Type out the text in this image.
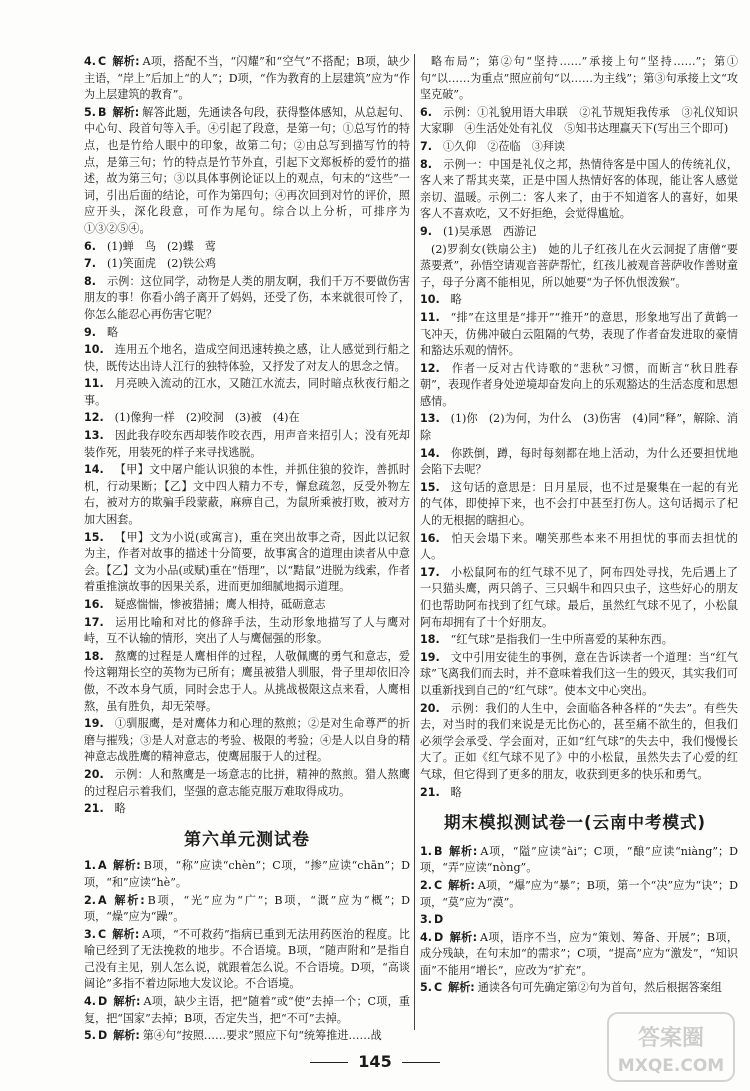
4. C 解析: A项，搭配不当，“闪耀”和“空气”不搭配；B项，缺少主语，“岸上”后加上“的人”；D项，“作为教育的上层建筑”应为“作为上层建筑的教育”。
5. B 解析: 解答此题，先通读各句段，获得整体感知，从总起句、中心句、段首句等入手。④引起了段意，是第一句；①总写竹的特点，也是竹给人眼中的印象，故第二句；②由总写到描写竹的特点，是第三句；竹的特点是竹节外直，引起下文郑板桥的爱竹的描述，故为第三句；③以具体事例论证以上的观点，句末的“这些”一词，引出后面的结论，可作为第四句；④再次回到对竹的评价，照应开头，深化段意，可作为尾句。综合以上分析，可排序为①③②⑤④。
6. (1)蝉　鸟　(2)蝶　莺
7. (1)笑面虎　(2)铁公鸡
8. 示例：这位同学，动物是人类的朋友啊，我们千万不要做伤害朋友的事！你看小鸽子离开了妈妈，还受了伤，本来就很可怜了，你怎么能忍心再伤害它呢？
9. 略
10. 连用五个地名，造成空间迅速转换之感，让人感觉到行船之快，既传达出诗人江行的独特体验，又抒发了对友人的思念之情。
11. 月亮映入流动的江水，又随江水流去，同时暗点秋夜行船之事。
12. (1)像狗一样　(2)咬洞　(3)被　(4)在
13. 因此我存咬东西却装作咬衣西，用声音来招引人；没有死却装作死，用装死的样子来寻找逃脱。
14. 【甲】文中屠户能认识狼的本性，并抓住狼的狡诈，善抓时机，行动果断；【乙】文中四人精力不专，懈怠疏忽，反受外物左右，被对方的欺骗手段蒙蔽，麻痹自己，为鼠所乘被打败，被对方加大困套。
15. 【甲】文为小说(或寓言)，重在突出故事之奇，因此以记叙为主，作者对故事的描述十分简要，故事寓含的道理由读者从中意会。【乙】文为小品(或赋)重在“悟理”，以“黠鼠”进脱为线索，作者着重推演故事的因果关系，进而更加细腻地揭示道理。
16. 疑惑惴惴，惨被猎捕；鹰人相持，砥砺意志
17. 运用比喻和对比的修辞手法，生动形象地描写了人与鹰对峙，互不认输的情形，突出了人与鹰倔强的形象。
18. 熬鹰的过程是人鹰相伴的过程，人敬佩鹰的勇气和意志，爱怜这翱翔长空的英物为已所有；鹰虽被猎人驯服，骨子里却依旧冷傲，不改本身气质，同时会忠于人。从挑战极限这点来看，人鹰相熬，虽有胜负，却无荣辱。
19. ①驯服鹰，是对鹰体力和心理的熬煎；②是对生命尊严的折磨与摧残；③是人对意志的考验、极限的考验；④是人以自身的精神意志战胜鹰的精神意志，使鹰屈服于人的过程。
20. 示例：人和熬鹰是一场意志的比拼，精神的熬煎。猎人熬鹰的过程启示着我们，坚强的意志能克服万难取得成功。
21. 略
第六单元测试卷
1. A 解析: B项，“称”应读“chèn”；C项，“掺”应读“chān”；D项，“和”应读“hè”。
2. A 解析: B项，“光”应为“广”；B项，“溉”应为“概”；D项，“燥”应为“躁”。
3. C 解析: A项，“不可救药”指病已重到无法用药医治的程度。比喻已经到了无法挽救的地步。不合语境。B项，“随声附和”是指自己没有主见，别人怎么说，就跟着怎么说。不合语境。D项，“高谈阔论”多指不着边际地大发议论。不合语境。
4. D 解析: A项，缺少主语，把“随着”或“使”去掉一个；C项，重复，把“国家”去掉；B项，否定失当，把“不可”去掉。
5. D 解析: 第④句“按照……要求”照应下句“统筹推进……战
略布局”；第②句“坚持……”承接上句“坚持……”；第①句“以……为重点”照应前句“以……为主线”；第③句承接上文“攻坚克破”。
6. 示例：①礼貌用语大串联　②礼节规矩我传承　③礼仪知识大家聊　④生活处处有礼仪　⑤知书达理赢天下(写出三个即可)
7. ①久仰　②莅临　③拜读
8. 示例一：中国是礼仪之邦，热情待客是中国人的传统礼仪，客人来了帮其夹菜，正是中国人热情好客的体现，能让客人感觉亲切、温暖。示例二：客人来了，由于不知道客人的喜好，如果客人不喜欢吃，又不好拒绝，会觉得尴尬。
9. (1)吴承恩　西游记
(2)罗刹女(铁扇公主)　她的儿子红孩儿在火云洞捉了唐僧“要蒸要煮”，孙悟空请观音菩萨帮忙，红孩儿被观音菩萨收作善财童子，母子分离不能相见，所以她要“为子怀仇恨泼猴”。
10. 略
11. “排”在这里是“排开”“推开”的意思，形象地写出了黄鹤一飞冲天，仿佛冲破白云阻隔的气势，表现了作者奋发进取的豪情和豁达乐观的情怀。
12. 作者一反对古代诗歌的“悲秋”习惯，而断言“秋日胜春朝”，表现作者身处逆境却奋发向上的乐观豁达的生活态度和思想感情。
13. (1)你　(2)为何，为什么　(3)伤害　(4)同“释”，解除、消除
14. 你跌倒，蹲，每时每刻都在地上活动，为什么还要担忧地会陷下去呢？
15. 这句话的意思是：日月星辰，也不过是聚集在一起的有光的气体，即使掉下来，也不会打中甚至打伤人。这句话揭示了杞人的无根据的瞎担心。
16. 怕天会塌下来。嘲笑那些本来不用担忧的事而去担忧的人。
17. 小松鼠阿布的红气球不见了，阿布四处寻找，先后遇上了一只猫头鹰，两只鸽子、三只蜗牛和四只虫子，这些好心的朋友们也帮助阿布找到了红气球。最后，虽然红气球不见了，小松鼠阿布却拥有了十个好朋友。
18. “红气球”是指我们一生中所喜爱的某种东西。
19. 文中引用安徒生的事例，意在告诉读者一个道理：当“红气球”飞离我们而去时，并不意味着我们这一生的毁灭，其实我们可以重新找到自己的“红气球”。使本文中心突出。
20. 示例：我们的人生中，会面临各种各样的“失去”。有些失去，对当时的我们来说是无比伤心的，甚至痛不欲生的，但我们必须学会承受、学会面对，正如“红气球”的失去中，我们慢慢长大了。正如《红气球不见了》中的小松鼠，虽然失去了心爱的红气球，但它得到了更多的朋友，收获到更多的快乐和勇气。
21. 略
期末模拟测试卷一(云南中考模式)
1. B 解析: A项，“隘”应读“ài”；C项，“酿”应读“niàng”；D项，“弄”应读“nòng”。
2. C 解析: A项，“爆”应为“暴”；B项，第一个“决”应为“诀”；D项，“莫”应为“漠”。
3. D
4. D 解析: A项，语序不当，应为“策划、筹备、开展”；B项，成分残缺，在句末加“的需求”；C项，“提高”应为“激发”，“知识面”不能用“增长”，应改为“扩充”。
5. C 解析: 通读各句可先确定第②句为首句，然后根据答案组
145
答案圈
MXQE.COM
